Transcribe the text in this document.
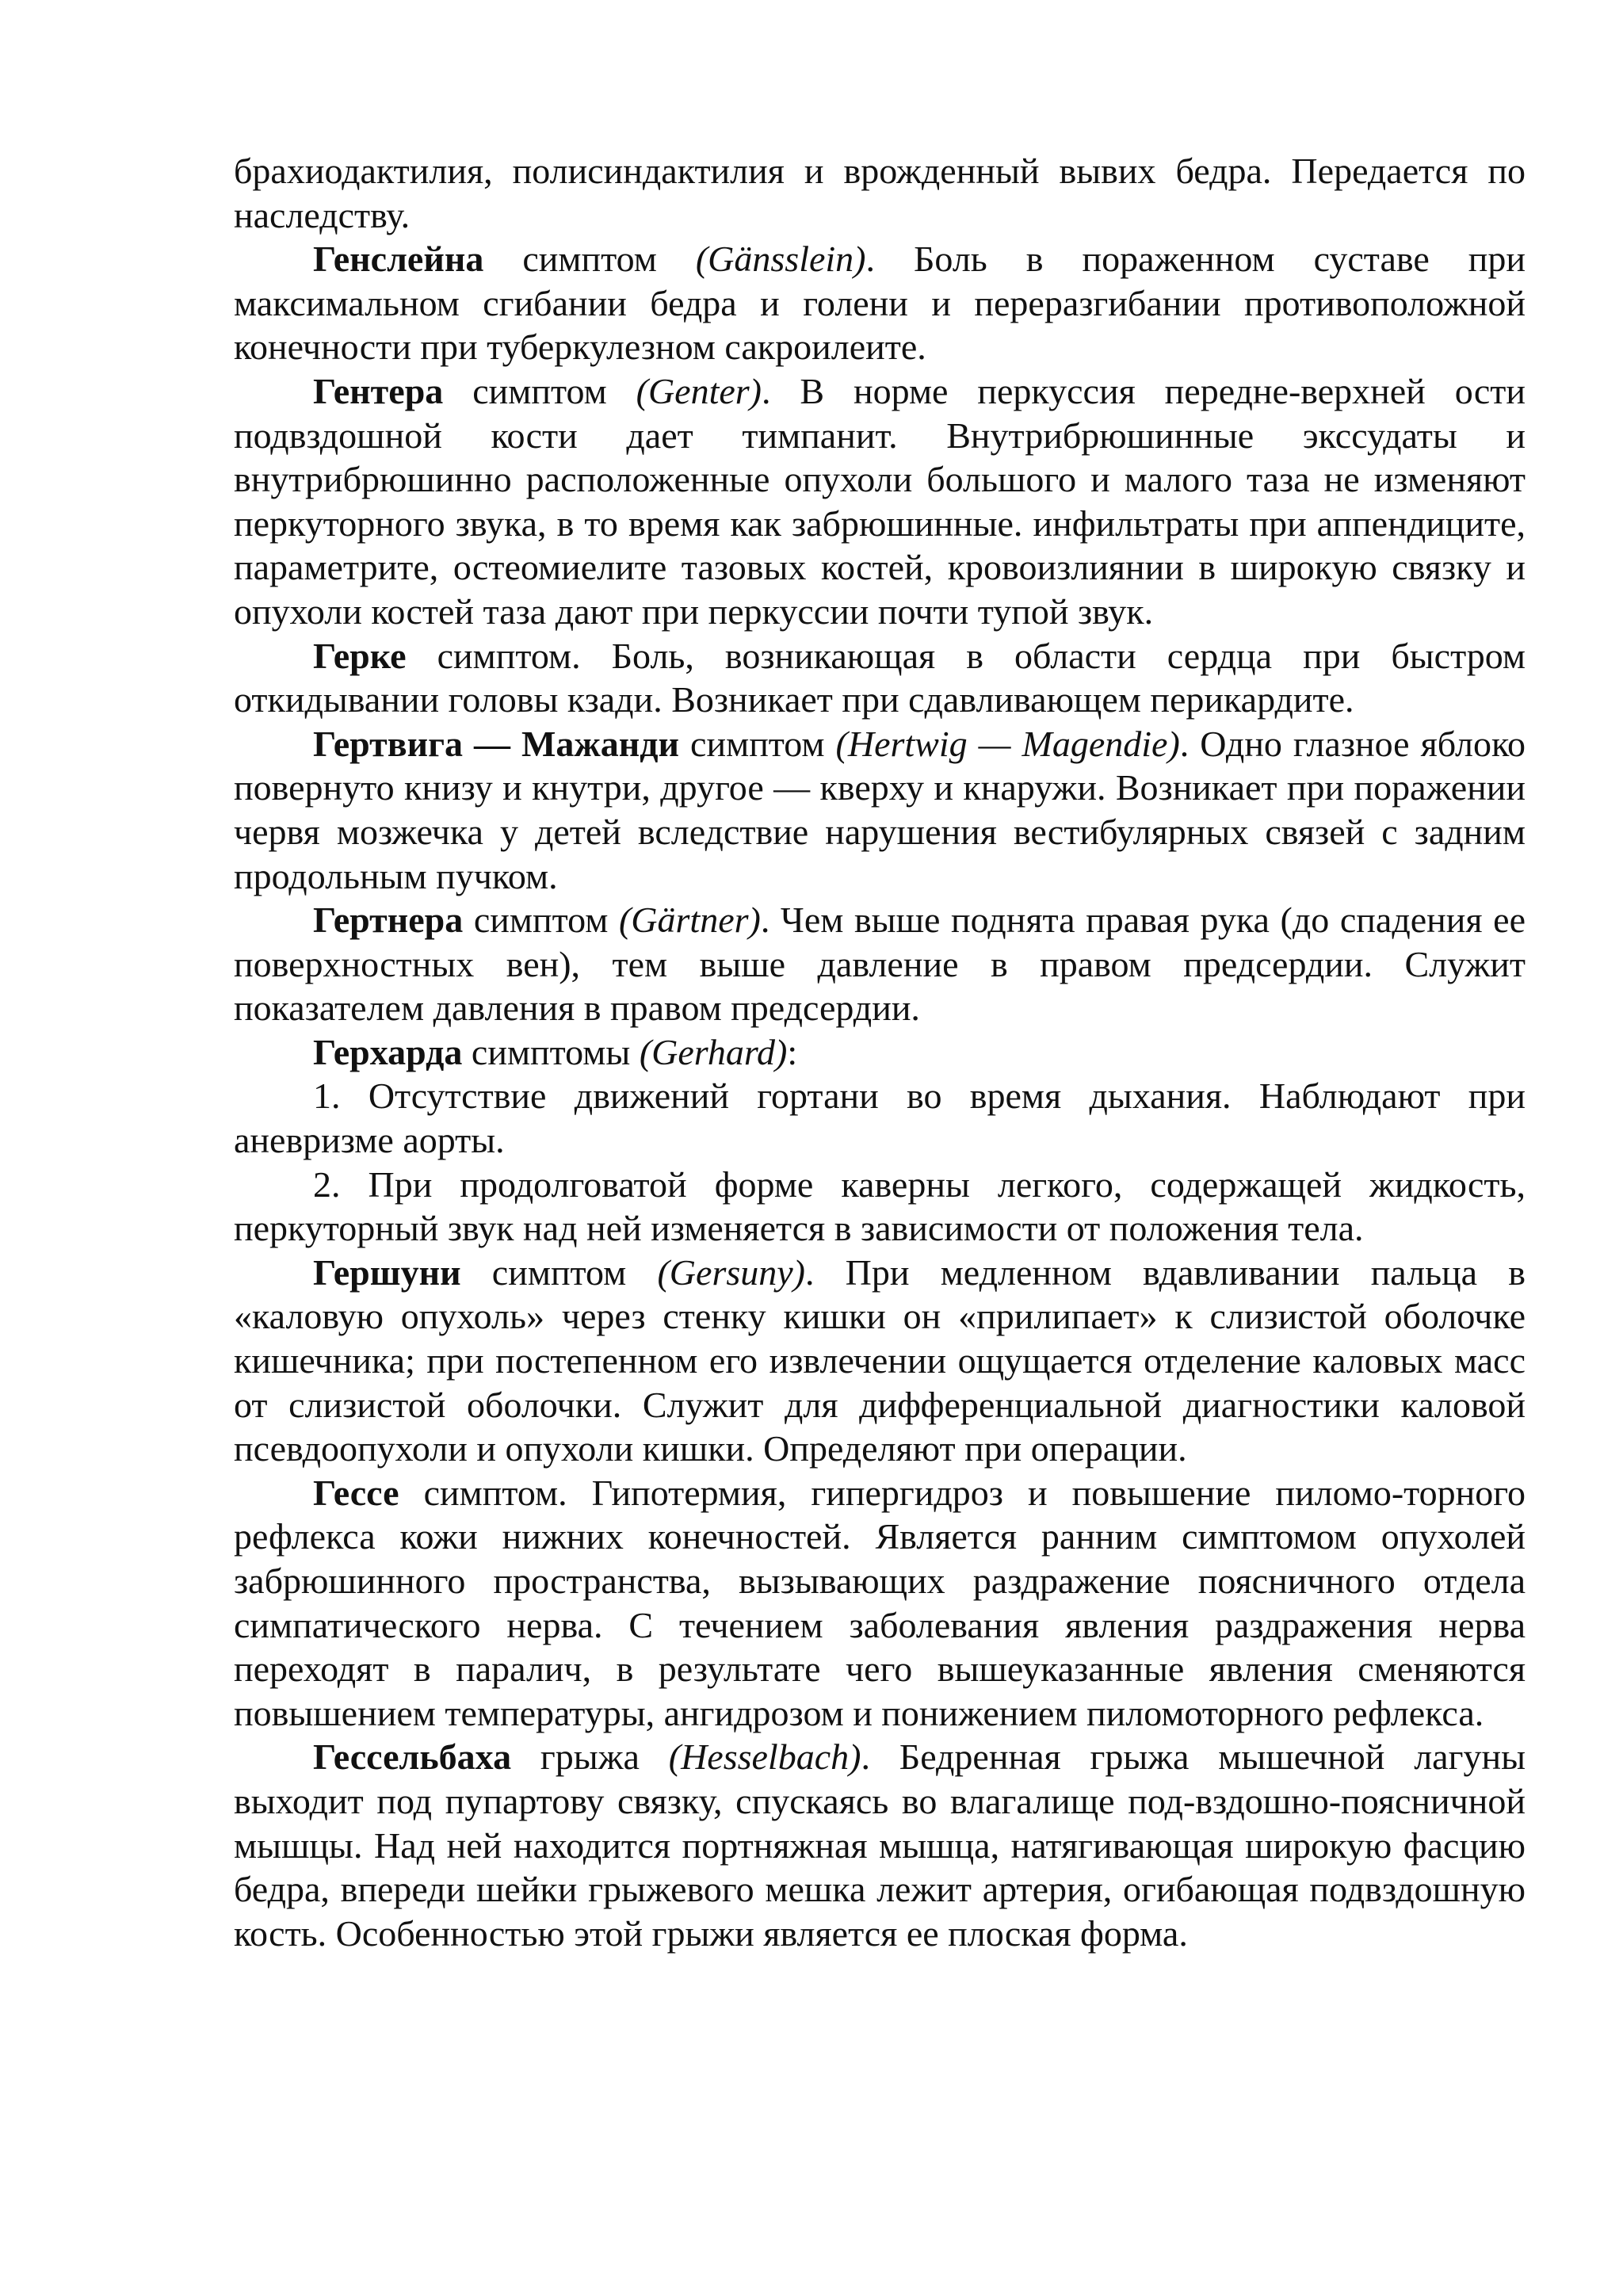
брахиодактилия, полисиндактилия и врожденный вывих бедра. Передается по наследству.

Генслейна симптом (Gänsslein). Боль в пораженном суставе при максимальном сгибании бедра и голени и переразгибании противоположной конечности при туберкулезном сакроилеите.

Гентера симптом (Genter). В норме перкуссия передне-верхней ости подвздошной кости дает тимпанит. Внутрибрюшинные экссудаты и внутрибрюшинно расположенные опухоли большого и малого таза не изменяют перкуторного звука, в то время как забрюшинные. инфильтраты при аппендиците, параметрите, остеомиелите тазовых костей, кровоизлиянии в широкую связку и опухоли костей таза дают при перкуссии почти тупой звук.

Герке симптом. Боль, возникающая в области сердца при быстром откидывании головы кзади. Возникает при сдавливающем перикардите.

Гертвига — Мажанди симптом (Hertwig — Magendie). Одно глазное яблоко повернуто книзу и кнутри, другое — кверху и кнаружи. Возникает при поражении червя мозжечка у детей вследствие нарушения вестибулярных связей с задним продольным пучком.

Гертнера симптом (Gärtner). Чем выше поднята правая рука (до спадения ее поверхностных вен), тем выше давление в правом предсердии. Служит показателем давления в правом предсердии.

Герхарда симптомы (Gerhard):

1. Отсутствие движений гортани во время дыхания. Наблюдают при аневризме аорты.

2. При продолговатой форме каверны легкого, содержащей жидкость, перкуторный звук над ней изменяется в зависимости от положения тела.

Гершуни симптом (Gersuny). При медленном вдавливании пальца в «каловую опухоль» через стенку кишки он «прилипает» к слизистой оболочке кишечника; при постепенном его извлечении ощущается отделение каловых масс от слизистой оболочки. Служит для дифференциальной диагностики каловой псевдоопухоли и опухоли кишки. Определяют при операции.

Гессе симптом. Гипотермия, гипергидроз и повышение пиломо-торного рефлекса кожи нижних конечностей. Является ранним симптомом опухолей забрюшинного пространства, вызывающих раздражение поясничного отдела симпатического нерва. С течением заболевания явления раздражения нерва переходят в паралич, в результате чего вышеуказанные явления сменяются повышением температуры, ангидрозом и понижением пиломоторного рефлекса.

Гессельбаха грыжа (Hesselbach). Бедренная грыжа мышечной лагуны выходит под пупартову связку, спускаясь во влагалище под-вздошно-поясничной мышцы. Над ней находится портняжная мышца, натягивающая широкую фасцию бедра, впереди шейки грыжевого мешка лежит артерия, огибающая подвздошную кость. Особенностью этой грыжи является ее плоская форма.
